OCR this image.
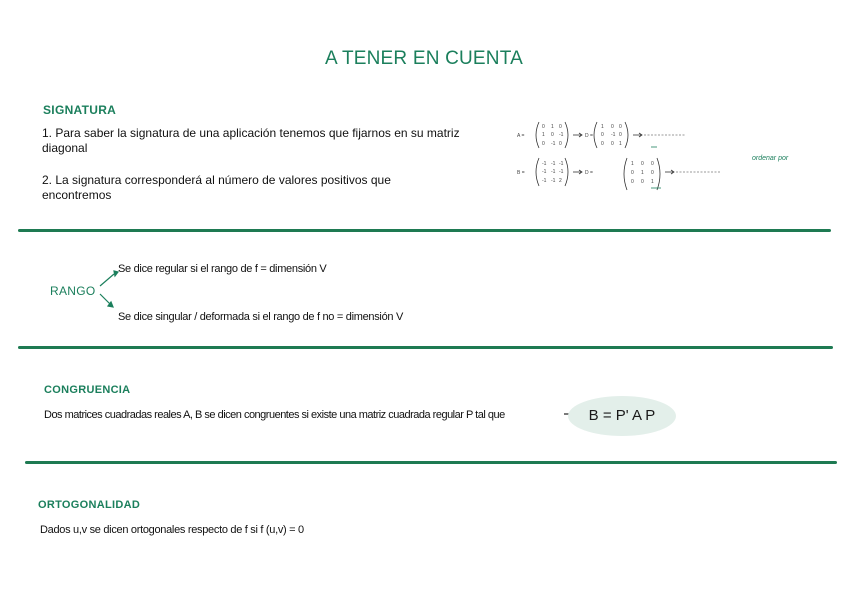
A TENER EN CUENTA
SIGNATURA
1. Para saber la signatura de una aplicación tenemos que fijarnos en su matriz diagonal
2. La signatura corresponderá al número de valores positivos que encontremos
A =	D =
B =	D =
0 1 0
1 0 -1
0 -1 0
1 0 0
0 -1 0
0 0 1
-1 -1 -1
-1 -1 -1
-1 -1 2
1 0 0
0 1 0
0 0 1
ordenar por
RANGO
Se dice regular si el rango de f = dimensión V
Se dice singular / deformada si el rango de f no = dimensión V
CONGRUENCIA
Dos matrices cuadradas reales A, B se dicen congruentes si existe una matriz cuadrada regular P tal que	B = P' A P
ORTOGONALIDAD
Dados u,v se dicen ortogonales respecto de f si f (u,v) = 0
